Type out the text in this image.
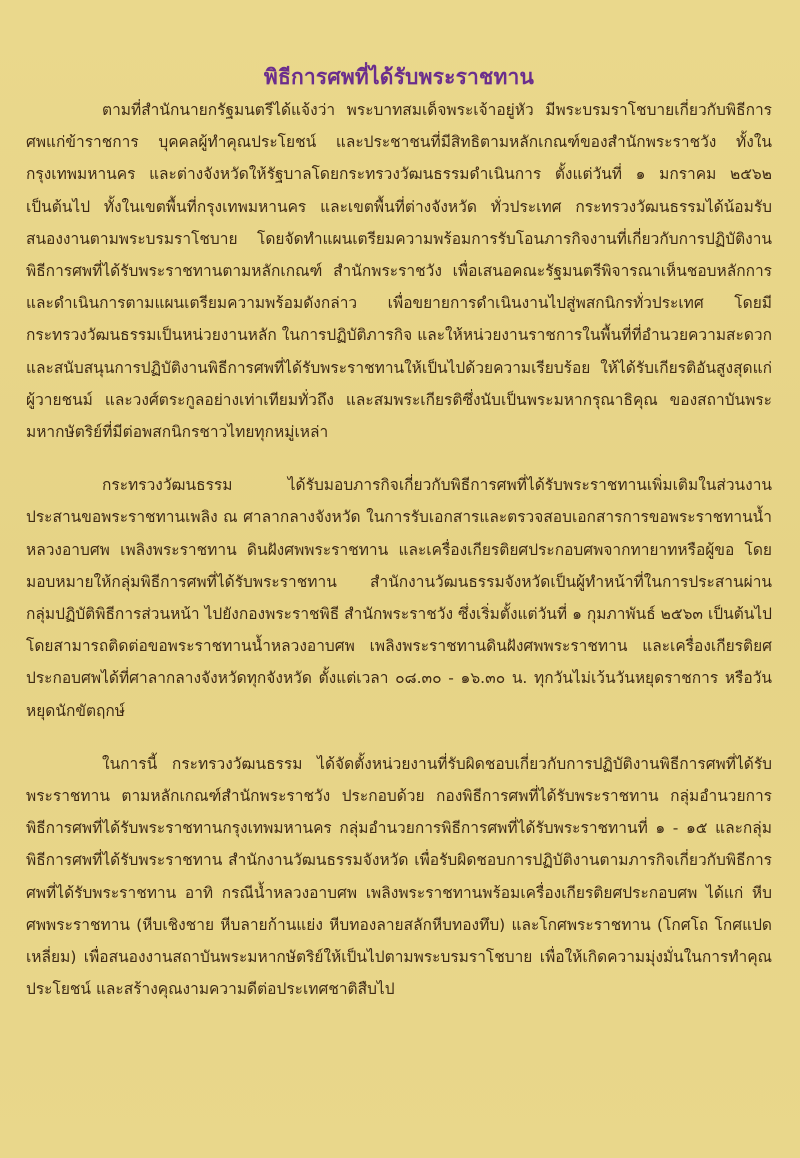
พิธีการศพที่ได้รับพระราชทาน

ตามที่สำนักนายกรัฐมนตรีได้แจ้งว่า พระบาทสมเด็จพระเจ้าอยู่หัว มีพระบรมราโชบายเกี่ยวกับพิธีการศพแก่ข้าราชการ บุคคลผู้ทำคุณประโยชน์ และประชาชนที่มีสิทธิตามหลักเกณฑ์ของสำนักพระราชวัง ทั้งในกรุงเทพมหานคร และต่างจังหวัดให้รัฐบาลโดยกระทรวงวัฒนธรรมดำเนินการ ตั้งแต่วันที่ ๑ มกราคม ๒๕๖๒ เป็นต้นไป ทั้งในเขตพื้นที่กรุงเทพมหานคร และเขตพื้นที่ต่างจังหวัด ทั่วประเทศ กระทรวงวัฒนธรรมได้น้อมรับสนองงานตามพระบรมราโชบาย โดยจัดทำแผนเตรียมความพร้อมการรับโอนภารกิจงานที่เกี่ยวกับการปฏิบัติงานพิธีการศพที่ได้รับพระราชทานตามหลักเกณฑ์ สำนักพระราชวัง เพื่อเสนอคณะรัฐมนตรีพิจารณาเห็นชอบหลักการ และดำเนินการตามแผนเตรียมความพร้อมดังกล่าว เพื่อขยายการดำเนินงานไปสู่พสกนิกรทั่วประเทศ โดยมีกระทรวงวัฒนธรรมเป็นหน่วยงานหลัก ในการปฏิบัติภารกิจ และให้หน่วยงานราชการในพื้นที่ที่อำนวยความสะดวก และสนับสนุนการปฏิบัติงานพิธีการศพที่ได้รับพระราชทานให้เป็นไปด้วยความเรียบร้อย ให้ได้รับเกียรติอันสูงสุดแก่ผู้วายชนม์ และวงศ์ตระกูลอย่างเท่าเทียมทั่วถึง และสมพระเกียรติซึ่งนับเป็นพระมหากรุณาธิคุณ ของสถาบันพระมหากษัตริย์ที่มีต่อพสกนิกรชาวไทยทุกหมู่เหล่า

กระทรวงวัฒนธรรม ได้รับมอบภารกิจเกี่ยวกับพิธีการศพที่ได้รับพระราชทานเพิ่มเติมในส่วนงานประสานขอพระราชทานเพลิง ณ ศาลากลางจังหวัด ในการรับเอกสารและตรวจสอบเอกสารการขอพระราชทานน้ำหลวงอาบศพ เพลิงพระราชทาน ดินฝังศพพระราชทาน และเครื่องเกียรติยศประกอบศพจากทายาทหรือผู้ขอ โดยมอบหมายให้กลุ่มพิธีการศพที่ได้รับพระราชทาน สำนักงานวัฒนธรรมจังหวัดเป็นผู้ทำหน้าที่ในการประสานผ่านกลุ่มปฏิบัติพิธีการส่วนหน้า ไปยังกองพระราชพิธี สำนักพระราชวัง ซึ่งเริ่มตั้งแต่วันที่ ๑ กุมภาพันธ์ ๒๕๖๓ เป็นต้นไป โดยสามารถติดต่อขอพระราชทานน้ำหลวงอาบศพ เพลิงพระราชทานดินฝังศพพระราชทาน และเครื่องเกียรติยศประกอบศพได้ที่ศาลากลางจังหวัดทุกจังหวัด ตั้งแต่เวลา ๐๘.๓๐ - ๑๖.๓๐ น. ทุกวันไม่เว้นวันหยุดราชการ หรือวันหยุดนักขัตฤกษ์

ในการนี้ กระทรวงวัฒนธรรม ได้จัดตั้งหน่วยงานที่รับผิดชอบเกี่ยวกับการปฏิบัติงานพิธีการศพที่ได้รับพระราชทาน ตามหลักเกณฑ์สำนักพระราชวัง ประกอบด้วย กองพิธีการศพที่ได้รับพระราชทาน กลุ่มอำนวยการพิธีการศพที่ได้รับพระราชทานกรุงเทพมหานคร กลุ่มอำนวยการพิธีการศพที่ได้รับพระราชทานที่ ๑ - ๑๕ และกลุ่มพิธีการศพที่ได้รับพระราชทาน สำนักงานวัฒนธรรมจังหวัด เพื่อรับผิดชอบการปฏิบัติงานตามภารกิจเกี่ยวกับพิธีการศพที่ได้รับพระราชทาน อาทิ กรณีน้ำหลวงอาบศพ เพลิงพระราชทานพร้อมเครื่องเกียรติยศประกอบศพ ได้แก่ หีบศพพระราชทาน (หีบเชิงชาย หีบลายก้านแย่ง หีบทองลายสลักหีบทองทึบ) และโกศพระราชทาน (โกศโถ โกศแปดเหลี่ยม) เพื่อสนองงานสถาบันพระมหากษัตริย์ให้เป็นไปตามพระบรมราโชบาย เพื่อให้เกิดความมุ่งมั่นในการทำคุณประโยชน์ และสร้างคุณงามความดีต่อประเทศชาติสืบไป
